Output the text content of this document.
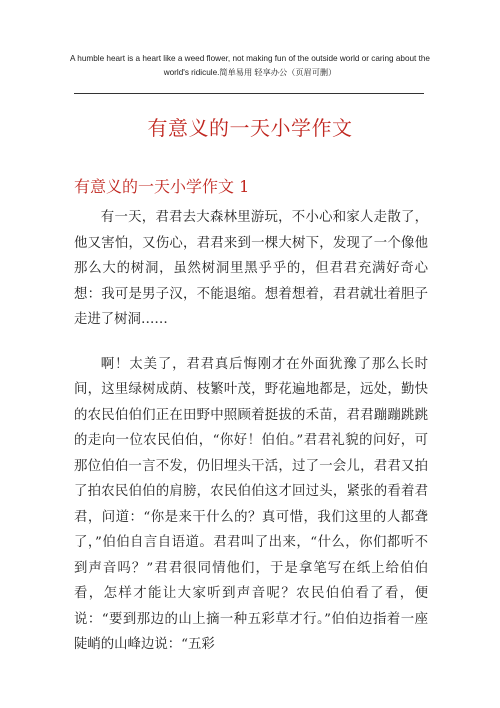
A humble heart is a heart like a weed flower, not making fun of the outside world or caring about the world's ridicule.简单易用 轻享办公（页眉可删）
有意义的一天小学作文
有意义的一天小学作文 1

有一天，君君去大森林里游玩，不小心和家人走散了，他又害怕，又伤心，君君来到一棵大树下，发现了一个像他那么大的树洞，虽然树洞里黑乎乎的，但君君充满好奇心想：我可是男子汉，不能退缩。想着想着，君君就壮着胆子走进了树洞……

啊！太美了，君君真后悔刚才在外面犹豫了那么长时间，这里绿树成荫、枝繁叶茂，野花遍地都是，远处，勤快的农民伯伯们正在田野中照顾着挺拔的禾苗，君君蹦蹦跳跳的走向一位农民伯伯，“你好！伯伯。”君君礼貌的问好，可那位伯伯一言不发，仍旧埋头干活，过了一会儿，君君又拍了拍农民伯伯的肩膀，农民伯伯这才回过头，紧张的看着君君，问道：“你是来干什么的？真可惜，我们这里的人都聋了，”伯伯自言自语道。君君叫了出来，“什么，你们都听不到声音吗？”君君很同情他们，于是拿笔写在纸上给伯伯看，怎样才能让大家听到声音呢？农民伯伯看了看，便说：“要到那边的山上摘一种五彩草才行。”伯伯边指着一座陡峭的山峰边说：“五彩
